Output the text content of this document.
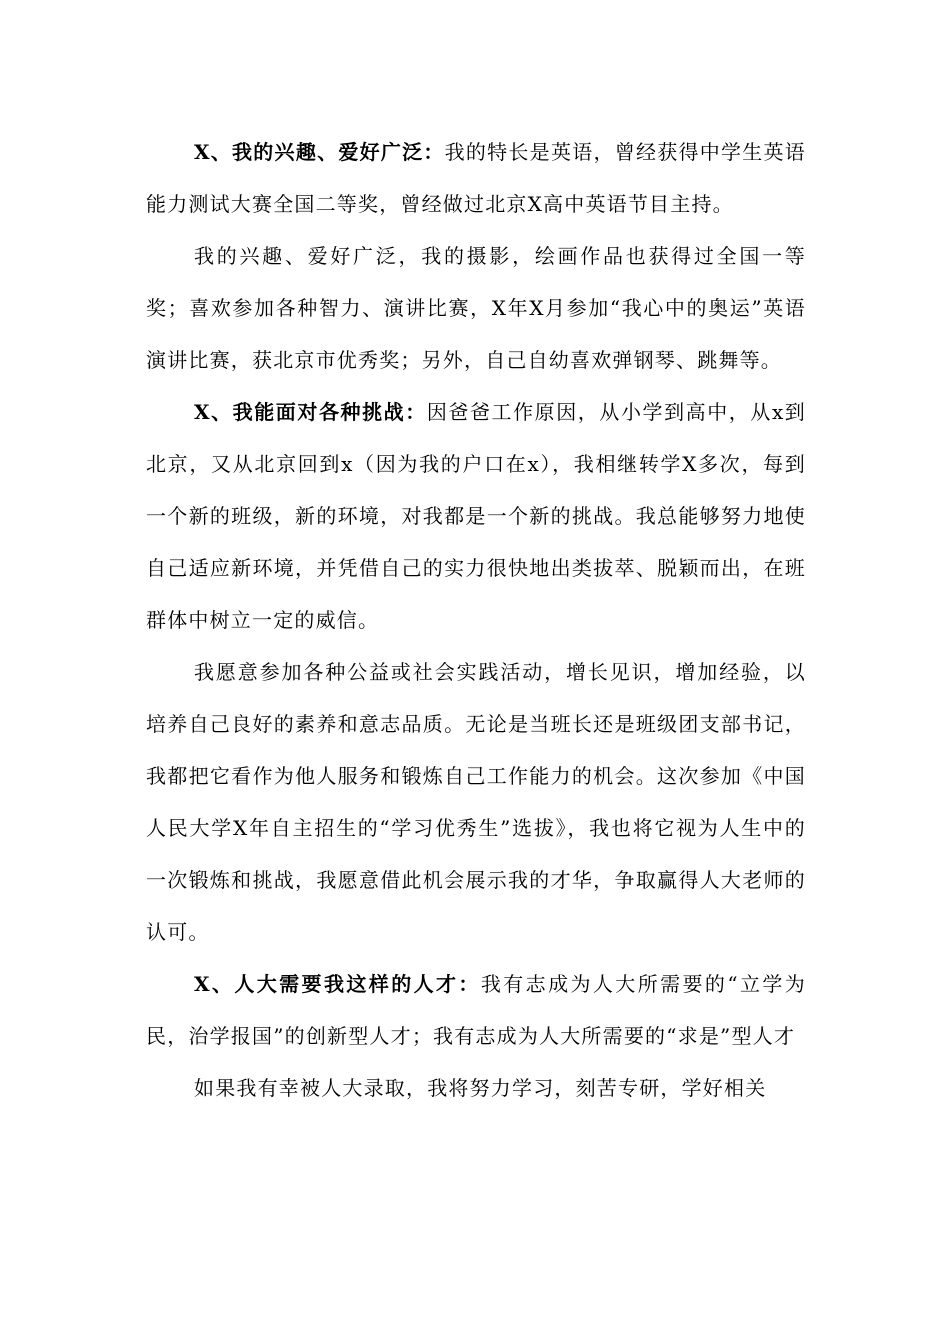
X、我的兴趣、爱好广泛：我的特长是英语，曾经获得中学生英语能力测试大赛全国二等奖，曾经做过北京X高中英语节目主持。

我的兴趣、爱好广泛，我的摄影，绘画作品也获得过全国一等奖；喜欢参加各种智力、演讲比赛，X年X月参加“我心中的奥运”英语演讲比赛，获北京市优秀奖；另外，自己自幼喜欢弹钢琴、跳舞等。

X、我能面对各种挑战：因爸爸工作原因，从小学到高中，从x到北京，又从北京回到x（因为我的户口在x），我相继转学X多次，每到一个新的班级，新的环境，对我都是一个新的挑战。我总能够努力地使自己适应新环境，并凭借自己的实力很快地出类拔萃、脱颖而出，在班群体中树立一定的威信。

我愿意参加各种公益或社会实践活动，增长见识，增加经验，以培养自己良好的素养和意志品质。无论是当班长还是班级团支部书记，我都把它看作为他人服务和锻炼自己工作能力的机会。这次参加《中国人民大学X年自主招生的“学习优秀生”选拔》，我也将它视为人生中的一次锻炼和挑战，我愿意借此机会展示我的才华，争取赢得人大老师的认可。

X、人大需要我这样的人才：我有志成为人大所需要的“立学为民，治学报国”的创新型人才；我有志成为人大所需要的“求是”型人才

如果我有幸被人大录取，我将努力学习，刻苦专研，学好相关
